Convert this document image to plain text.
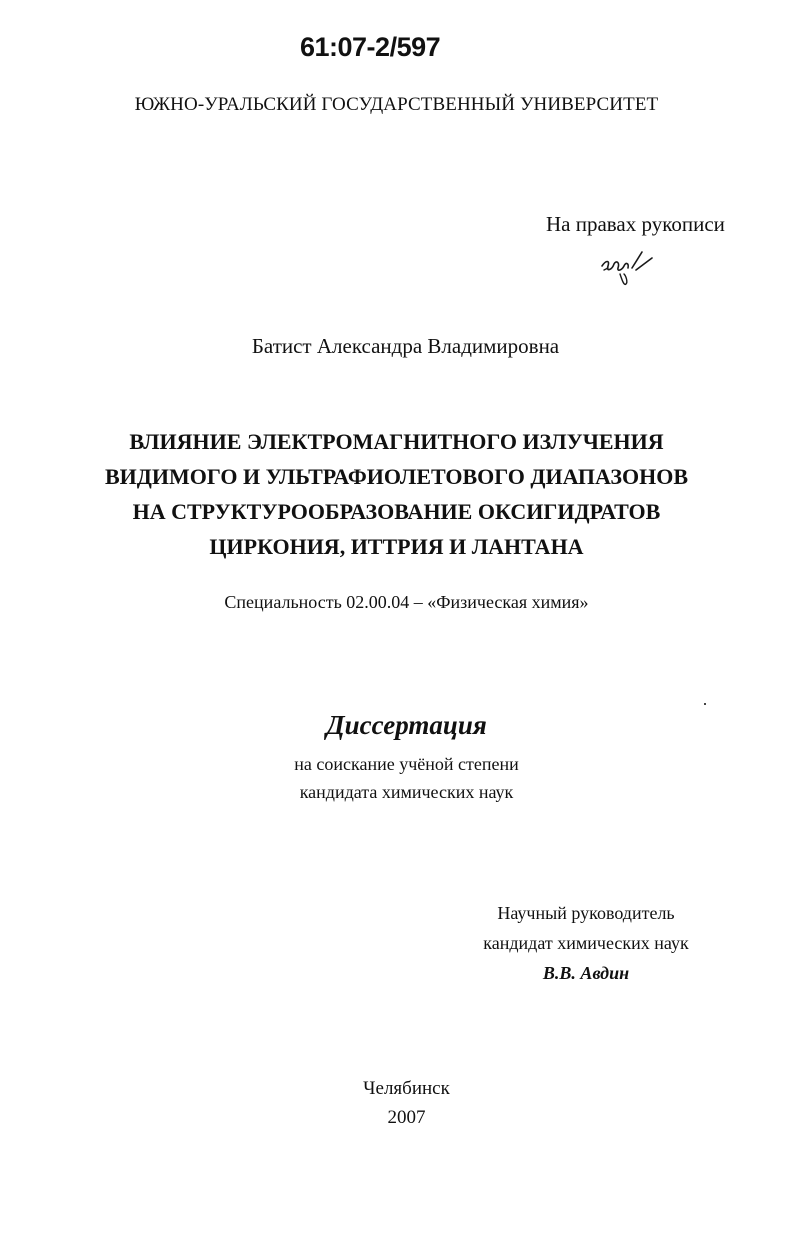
61:07-2/597
ЮЖНО-УРАЛЬСКИЙ ГОСУДАРСТВЕННЫЙ УНИВЕРСИТЕТ
На правах рукописи
Батист Александра Владимировна
ВЛИЯНИЕ ЭЛЕКТРОМАГНИТНОГО ИЗЛУЧЕНИЯ
ВИДИМОГО И УЛЬТРАФИОЛЕТОВОГО ДИАПАЗОНОВ
НА СТРУКТУРООБРАЗОВАНИЕ ОКСИГИДРАТОВ
ЦИРКОНИЯ, ИТТРИЯ И ЛАНТАНА
Специальность 02.00.04 – «Физическая химия»
Диссертация
на соискание учёной степени
кандидата химических наук
Научный руководитель
кандидат химических наук
В.В. Авдин
Челябинск
2007
